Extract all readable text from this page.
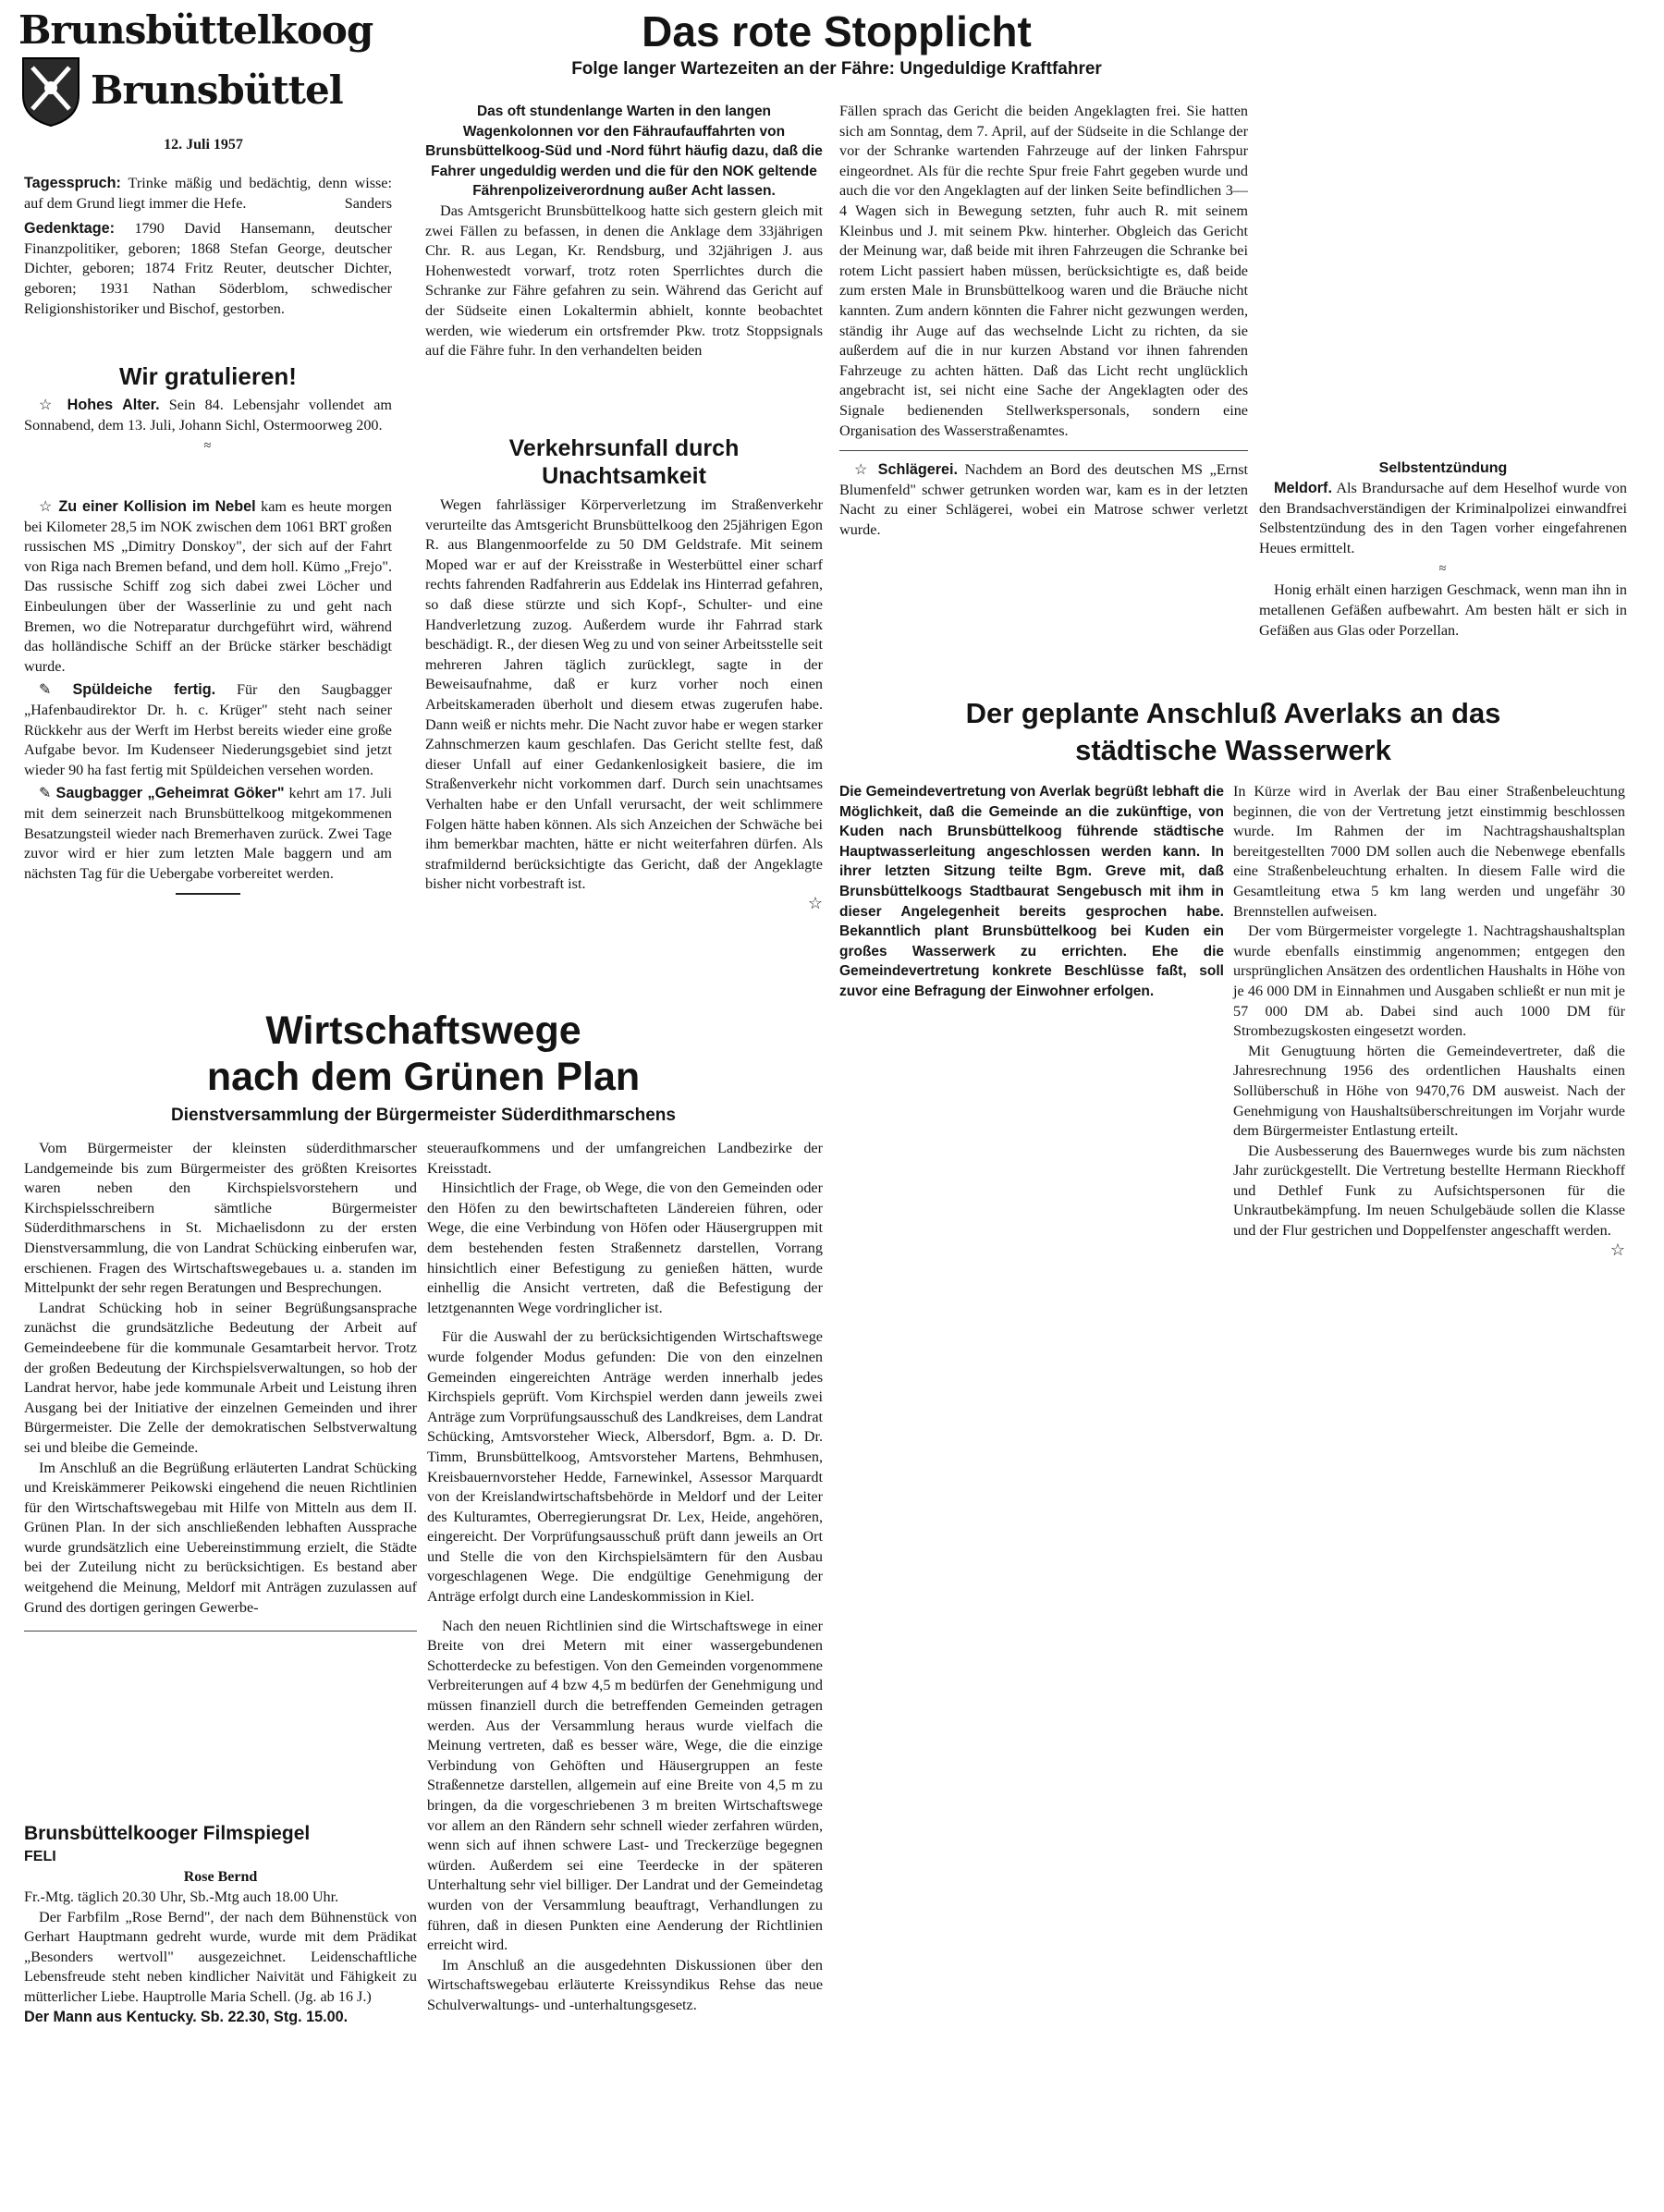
Brunsbüttelkoog
Brunsbüttel
12. Juli 1957

Tagesspruch: Trinke mäßig und bedächtig, denn wisse: auf dem Grund liegt immer die Hefe.	Sanders

Gedenktage: 1790 David Hansemann, deutscher Finanzpolitiker, geboren; 1868 Stefan George, deutscher Dichter, geboren; 1874 Fritz Reuter, deutscher Dichter, geboren; 1931 Nathan Söderblom, schwedischer Religionshistoriker und Bischof, gestorben.

Wir gratulieren!

☆ Hohes Alter. Sein 84. Lebensjahr vollendet am Sonnabend, dem 13. Juli, Johann Sichl, Ostermoorweg 200.

≈

☆ Zu einer Kollision im Nebel kam es heute morgen bei Kilometer 28,5 im NOK zwischen dem 1061 BRT großen russischen MS „Dimitry Donskoy", der sich auf der Fahrt von Riga nach Bremen befand, und dem holl. Kümo „Frejo". Das russische Schiff zog sich dabei zwei Löcher und Einbeulungen über der Wasserlinie zu und geht nach Bremen, wo die Notreparatur durchgeführt wird, während das holländische Schiff an der Brücke stärker beschädigt wurde.

✎ Spüldeiche fertig. Für den Saugbagger „Hafenbaudirektor Dr. h. c. Krüger" steht nach seiner Rückkehr aus der Werft im Herbst bereits wieder eine große Aufgabe bevor. Im Kudenseer Niederungsgebiet sind jetzt wieder 90 ha fast fertig mit Spüldeichen versehen worden.

✎ Saugbagger „Geheimrat Göker" kehrt am 17. Juli mit dem seinerzeit nach Brunsbüttelkoog mitgekommenen Besatzungsteil wieder nach Bremerhaven zurück. Zwei Tage zuvor wird er hier zum letzten Male baggern und am nächsten Tag für die Uebergabe vorbereitet werden.

Das rote Stopplicht
Folge langer Wartezeiten an der Fähre: Ungeduldige Kraftfahrer

Das oft stundenlange Warten in den langen Wagenkolonnen vor den Fähraufauffahrten von Brunsbüttelkoog-Süd und -Nord führt häufig dazu, daß die Fahrer ungeduldig werden und die für den NOK geltende Fährenpolizeiverordnung außer Acht lassen.

Das Amtsgericht Brunsbüttelkoog hatte sich gestern gleich mit zwei Fällen zu befassen, in denen die Anklage dem 33jährigen Chr. R. aus Legan, Kr. Rendsburg, und 32jährigen J. aus Hohenwestedt vorwarf, trotz roten Sperrlichtes durch die Schranke zur Fähre gefahren zu sein. Während das Gericht auf der Südseite einen Lokaltermin abhielt, konnte beobachtet werden, wie wiederum ein ortsfremder Pkw. trotz Stoppsignals auf die Fähre fuhr. In den verhandelten beiden

Fällen sprach das Gericht die beiden Angeklagten frei. Sie hatten sich am Sonntag, dem 7. April, auf der Südseite in die Schlange der vor der Schranke wartenden Fahrzeuge auf der linken Fahrspur eingeordnet. Als für die rechte Spur freie Fahrt gegeben wurde und auch die vor den Angeklagten auf der linken Seite befindlichen 3—4 Wagen sich in Bewegung setzten, fuhr auch R. mit seinem Kleinbus und J. mit seinem Pkw. hinterher. Obgleich das Gericht der Meinung war, daß beide mit ihren Fahrzeugen die Schranke bei rotem Licht passiert haben müssen, berücksichtigte es, daß beide zum ersten Male in Brunsbüttelkoog waren und die Bräuche nicht kannten. Zum andern könnten die Fahrer nicht gezwungen werden, ständig ihr Auge auf das wechselnde Licht zu richten, da sie außerdem auf die in nur kurzen Abstand vor ihnen fahrenden Fahrzeuge zu achten hätten. Daß das Licht recht unglücklich angebracht ist, sei nicht eine Sache der Angeklagten oder des Signale bedienenden Stellwerkspersonals, sondern eine Organisation des Wasserstraßenamtes.

☆ Schlägerei. Nachdem an Bord des deutschen MS „Ernst Blumenfeld" schwer getrunken worden war, kam es in der letzten Nacht zu einer Schlägerei, wobei ein Matrose schwer verletzt wurde.

Verkehrsunfall durch Unachtsamkeit

Wegen fahrlässiger Körperverletzung im Straßenverkehr verurteilte das Amtsgericht Brunsbüttelkoog den 25jährigen Egon R. aus Blangenmoorfelde zu 50 DM Geldstrafe. Mit seinem Moped war er auf der Kreisstraße in Westerbüttel einer scharf rechts fahrenden Radfahrerin aus Eddelak ins Hinterrad gefahren, so daß diese stürzte und sich Kopf-, Schulter- und eine Handverletzung zuzog. Außerdem wurde ihr Fahrrad stark beschädigt. R., der diesen Weg zu und von seiner Arbeitsstelle seit mehreren Jahren täglich zurücklegt, sagte in der Beweisaufnahme, daß er kurz vorher noch einen Arbeitskameraden überholt und diesem etwas zugerufen habe. Dann weiß er nichts mehr. Die Nacht zuvor habe er wegen starker Zahnschmerzen kaum geschlafen. Das Gericht stellte fest, daß dieser Unfall auf einer Gedankenlosigkeit basiere, die im Straßenverkehr nicht vorkommen darf. Durch sein unachtsames Verhalten habe er den Unfall verursacht, der weit schlimmere Folgen hätte haben können. Als sich Anzeichen der Schwäche bei ihm bemerkbar machten, hätte er nicht weiterfahren dürfen. Als strafmildernd berücksichtigte das Gericht, daß der Angeklagte bisher nicht vorbestraft ist.

☆
Selbstentzündung

Meldorf. Als Brandursache auf dem Heselhof wurde von den Brandsachverständigen der Kriminalpolizei einwandfrei Selbstentzündung des in den Tagen vorher eingefahrenen Heues ermittelt.

≈

Honig erhält einen harzigen Geschmack, wenn man ihn in metallenen Gefäßen aufbewahrt. Am besten hält er sich in Gefäßen aus Glas oder Porzellan.

Der geplante Anschluß Averlaks an das städtische Wasserwerk

Die Gemeindevertretung von Averlak begrüßt lebhaft die Möglichkeit, daß die Gemeinde an die zukünftige, von Kuden nach Brunsbüttelkoog führende städtische Hauptwasserleitung angeschlossen werden kann. In ihrer letzten Sitzung teilte Bgm. Greve mit, daß Brunsbüttelkoogs Stadtbaurat Sengebusch mit ihm in dieser Angelegenheit bereits gesprochen habe. Bekanntlich plant Brunsbüttelkoog bei Kuden ein großes Wasserwerk zu errichten. Ehe die Gemeindevertretung konkrete Beschlüsse faßt, soll zuvor eine Befragung der Einwohner erfolgen.

In Kürze wird in Averlak der Bau einer Straßenbeleuchtung beginnen, die von der Vertretung jetzt einstimmig beschlossen wurde. Im Rahmen der im Nachtragshaushaltsplan bereitgestellten 7000 DM sollen auch die Nebenwege ebenfalls eine Straßenbeleuchtung erhalten. In diesem Falle wird die Gesamtleitung etwa 5 km lang werden und ungefähr 30 Brennstellen aufweisen.

Der vom Bürgermeister vorgelegte 1. Nachtragshaushaltsplan wurde ebenfalls einstimmig angenommen; entgegen den ursprünglichen Ansätzen des ordentlichen Haushalts in Höhe von je 46 000 DM in Einnahmen und Ausgaben schließt er nun mit je 57 000 DM ab. Dabei sind auch 1000 DM für Strombezugskosten eingesetzt worden.

Mit Genugtuung hörten die Gemeindevertreter, daß die Jahresrechnung 1956 des ordentlichen Haushalts einen Sollüberschuß in Höhe von 9470,76 DM ausweist. Nach der Genehmigung von Haushaltsüberschreitungen im Vorjahr wurde dem Bürgermeister Entlastung erteilt.

Die Ausbesserung des Bauernweges wurde bis zum nächsten Jahr zurückgestellt. Die Vertretung bestellte Hermann Rieckhoff und Dethlef Funk zu Aufsichtspersonen für die Unkrautbekämpfung. Im neuen Schulgebäude sollen die Klasse und der Flur gestrichen und Doppelfenster angeschafft werden.

☆
Wirtschaftswege
nach dem Grünen Plan
Dienstversammlung der Bürgermeister Süderdithmarschens

Vom Bürgermeister der kleinsten süderdithmarscher Landgemeinde bis zum Bürgermeister des größten Kreisortes waren neben den Kirchspielsvorstehern und Kirchspielsschreibern sämtliche Bürgermeister Süderdithmarschens in St. Michaelisdonn zu der ersten Dienstversammlung, die von Landrat Schücking einberufen war, erschienen. Fragen des Wirtschaftswegebaues u. a. standen im Mittelpunkt der sehr regen Beratungen und Besprechungen.

Landrat Schücking hob in seiner Begrüßungsansprache zunächst die grundsätzliche Bedeutung der Arbeit auf Gemeindeebene für die kommunale Gesamtarbeit hervor. Trotz der großen Bedeutung der Kirchspielsverwaltungen, so hob der Landrat hervor, habe jede kommunale Arbeit und Leistung ihren Ausgang bei der Initiative der einzelnen Gemeinden und ihrer Bürgermeister. Die Zelle der demokratischen Selbstverwaltung sei und bleibe die Gemeinde.

Im Anschluß an die Begrüßung erläuterten Landrat Schücking und Kreiskämmerer Peikowski eingehend die neuen Richtlinien für den Wirtschaftswegebau mit Hilfe von Mitteln aus dem II. Grünen Plan. In der sich anschließenden lebhaften Aussprache wurde grundsätzlich eine Uebereinstimmung erzielt, die Städte bei der Zuteilung nicht zu berücksichtigen. Es bestand aber weitgehend die Meinung, Meldorf mit Anträgen zuzulassen auf Grund des dortigen geringen Gewerbe-

Brunsbüttelkooger Filmspiegel
FELI
Rose Bernd

Fr.-Mtg. täglich 20.30 Uhr, Sb.-Mtg auch 18.00 Uhr.

Der Farbfilm „Rose Bernd", der nach dem Bühnenstück von Gerhart Hauptmann gedreht wurde, wurde mit dem Prädikat „Besonders wertvoll" ausgezeichnet. Leidenschaftliche Lebensfreude steht neben kindlicher Naivität und Fähigkeit zu mütterlicher Liebe. Hauptrolle Maria Schell. (Jg. ab 16 J.)

Der Mann aus Kentucky. Sb. 22.30, Stg. 15.00.

steueraufkommens und der umfangreichen Landbezirke der Kreisstadt.

Hinsichtlich der Frage, ob Wege, die von den Gemeinden oder den Höfen zu den bewirtschafteten Ländereien führen, oder Wege, die eine Verbindung von Höfen oder Häusergruppen mit dem bestehenden festen Straßennetz darstellen, Vorrang hinsichtlich einer Befestigung zu genießen hätten, wurde einhellig die Ansicht vertreten, daß die Befestigung der letztgenannten Wege vordringlicher ist.

Für die Auswahl der zu berücksichtigenden Wirtschaftswege wurde folgender Modus gefunden: Die von den einzelnen Gemeinden eingereichten Anträge werden innerhalb jedes Kirchspiels geprüft. Vom Kirchspiel werden dann jeweils zwei Anträge zum Vorprüfungsausschuß des Landkreises, dem Landrat Schücking, Amtsvorsteher Wieck, Albersdorf, Bgm. a. D. Dr. Timm, Brunsbüttelkoog, Amtsvorsteher Martens, Behmhusen, Kreisbauernvorsteher Hedde, Farnewinkel, Assessor Marquardt von der Kreislandwirtschaftsbehörde in Meldorf und der Leiter des Kulturamtes, Oberregierungsrat Dr. Lex, Heide, angehören, eingereicht. Der Vorprüfungsausschuß prüft dann jeweils an Ort und Stelle die von den Kirchspielsämtern für den Ausbau vorgeschlagenen Wege. Die endgültige Genehmigung der Anträge erfolgt durch eine Landeskommission in Kiel.

Nach den neuen Richtlinien sind die Wirtschaftswege in einer Breite von drei Metern mit einer wassergebundenen Schotterdecke zu befestigen. Von den Gemeinden vorgenommene Verbreiterungen auf 4 bzw 4,5 m bedürfen der Genehmigung und müssen finanziell durch die betreffenden Gemeinden getragen werden. Aus der Versammlung heraus wurde vielfach die Meinung vertreten, daß es besser wäre, Wege, die die einzige Verbindung von Gehöften und Häusergruppen an feste Straßennetze darstellen, allgemein auf eine Breite von 4,5 m zu bringen, da die vorgeschriebenen 3 m breiten Wirtschaftswege vor allem an den Rändern sehr schnell wieder zerfahren würden, wenn sich auf ihnen schwere Last- und Treckerzüge begegnen würden. Außerdem sei eine Teerdecke in der späteren Unterhaltung sehr viel billiger. Der Landrat und der Gemeindetag wurden von der Versammlung beauftragt, Verhandlungen zu führen, daß in diesen Punkten eine Aenderung der Richtlinien erreicht wird.

Im Anschluß an die ausgedehnten Diskussionen über den Wirtschaftswegebau erläuterte Kreissyndikus Rehse das neue Schulverwaltungs- und -unterhaltungsgesetz.
